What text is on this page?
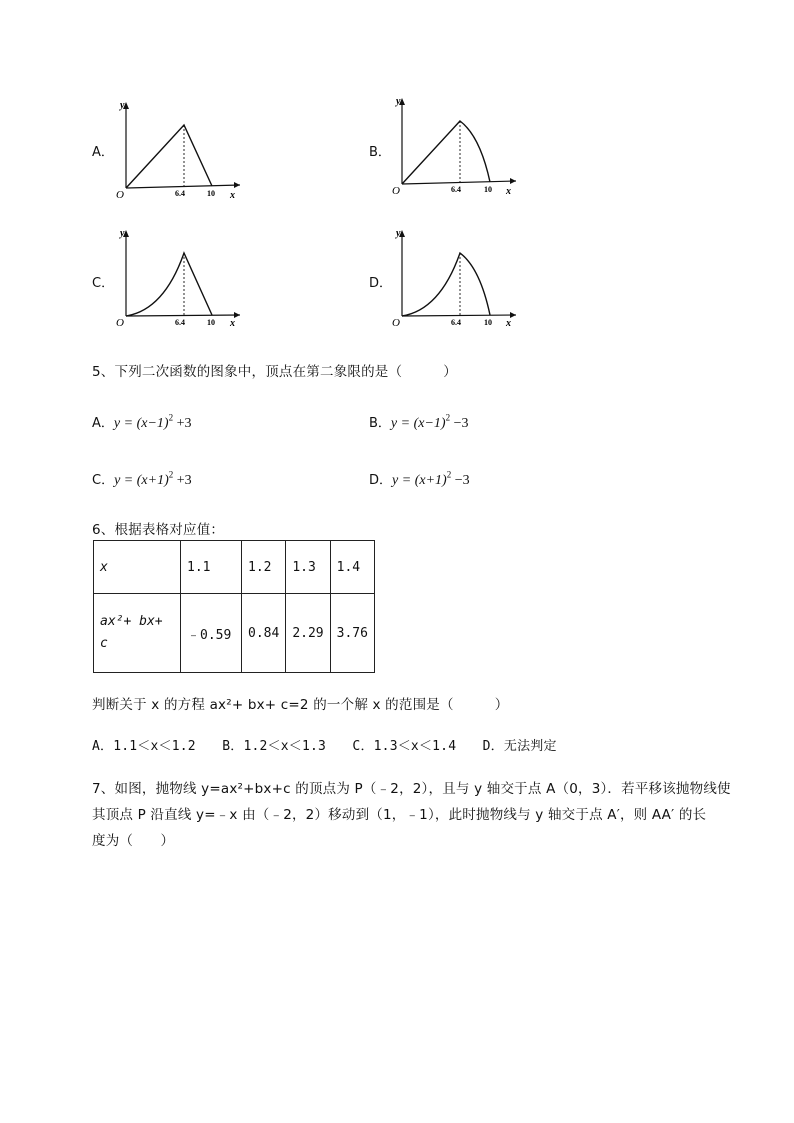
A．
O
y
x
6.4	10
B．
O
y
x
6.4	10
C．
O
y
x
6.4	10
D．
O
y
x
6.4	10
5、下列二次函数的图象中，顶点在第二象限的是（　　　）
A．$y = (x-1)^2 +3$	B．$y = (x-1)^2 -3$
C．$y = (x+1)^2 +3$	D．$y = (x+1)^2 -3$
6、根据表格对应值：
x	1.1	1.2	1.3	1.4
ax²+ bx+
c	﹣0.59	0.84	2.29	3.76
判断关于 x 的方程 ax²+ bx+ c=2 的一个解 x 的范围是（　　　）
A．1.1＜x＜1.2　　B．1.2＜x＜1.3　　C．1.3＜x＜1.4　　D．无法判定
7、如图，抛物线 y=ax²+bx+c 的顶点为 P（﹣2，2），且与 y 轴交于点 A（0，3）．若平移该抛物线使
其顶点 P 沿直线 y=﹣x 由（﹣2，2）移动到（1，﹣1），此时抛物线与 y 轴交于点 A′，则 AA′ 的长
度为（　　）
